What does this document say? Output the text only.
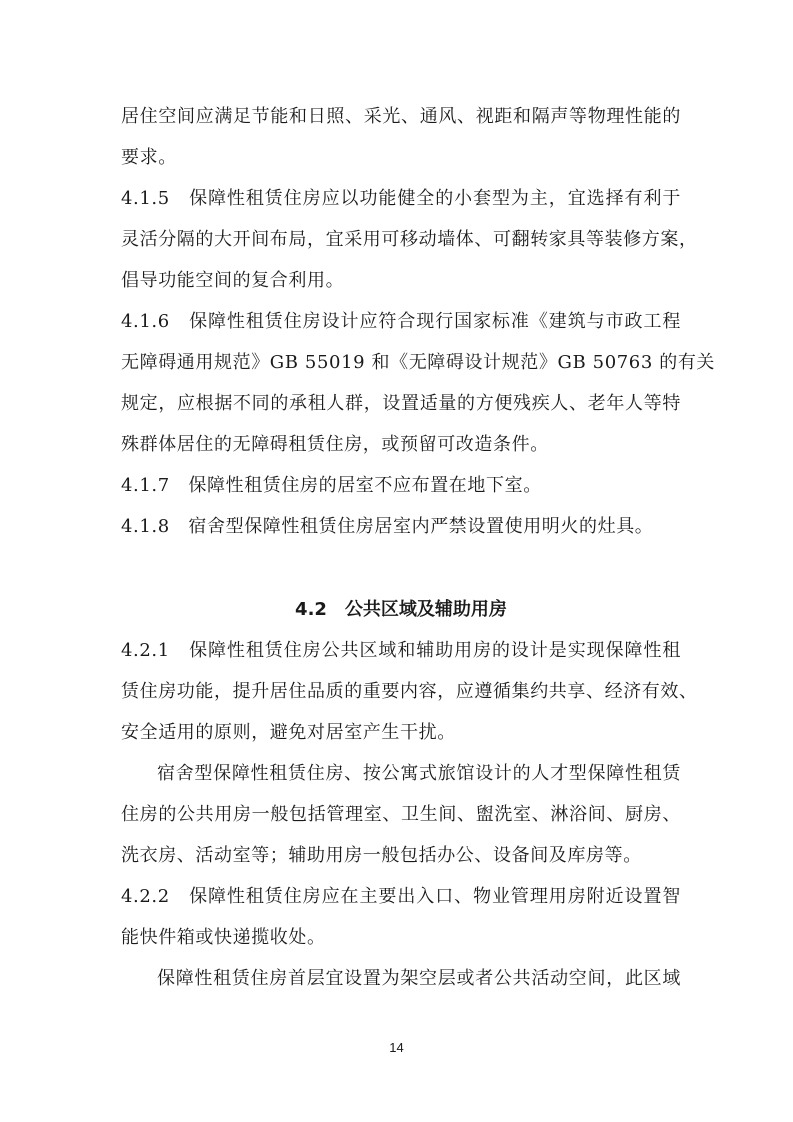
居住空间应满足节能和日照、采光、通风、视距和隔声等物理性能的
要求。
4.1.5　保障性租赁住房应以功能健全的小套型为主，宜选择有利于
灵活分隔的大开间布局，宜采用可移动墙体、可翻转家具等装修方案，
倡导功能空间的复合利用。
4.1.6　保障性租赁住房设计应符合现行国家标准《建筑与市政工程
无障碍通用规范》GB 55019 和《无障碍设计规范》GB 50763 的有关
规定，应根据不同的承租人群，设置适量的方便残疾人、老年人等特
殊群体居住的无障碍租赁住房，或预留可改造条件。
4.1.7　保障性租赁住房的居室不应布置在地下室。
4.1.8　宿舍型保障性租赁住房居室内严禁设置使用明火的灶具。
4.2　公共区域及辅助用房
4.2.1　保障性租赁住房公共区域和辅助用房的设计是实现保障性租
赁住房功能，提升居住品质的重要内容，应遵循集约共享、经济有效、
安全适用的原则，避免对居室产生干扰。
宿舍型保障性租赁住房、按公寓式旅馆设计的人才型保障性租赁
住房的公共用房一般包括管理室、卫生间、盥洗室、淋浴间、厨房、
洗衣房、活动室等；辅助用房一般包括办公、设备间及库房等。
4.2.2　保障性租赁住房应在主要出入口、物业管理用房附近设置智
能快件箱或快递揽收处。
保障性租赁住房首层宜设置为架空层或者公共活动空间，此区域
14
